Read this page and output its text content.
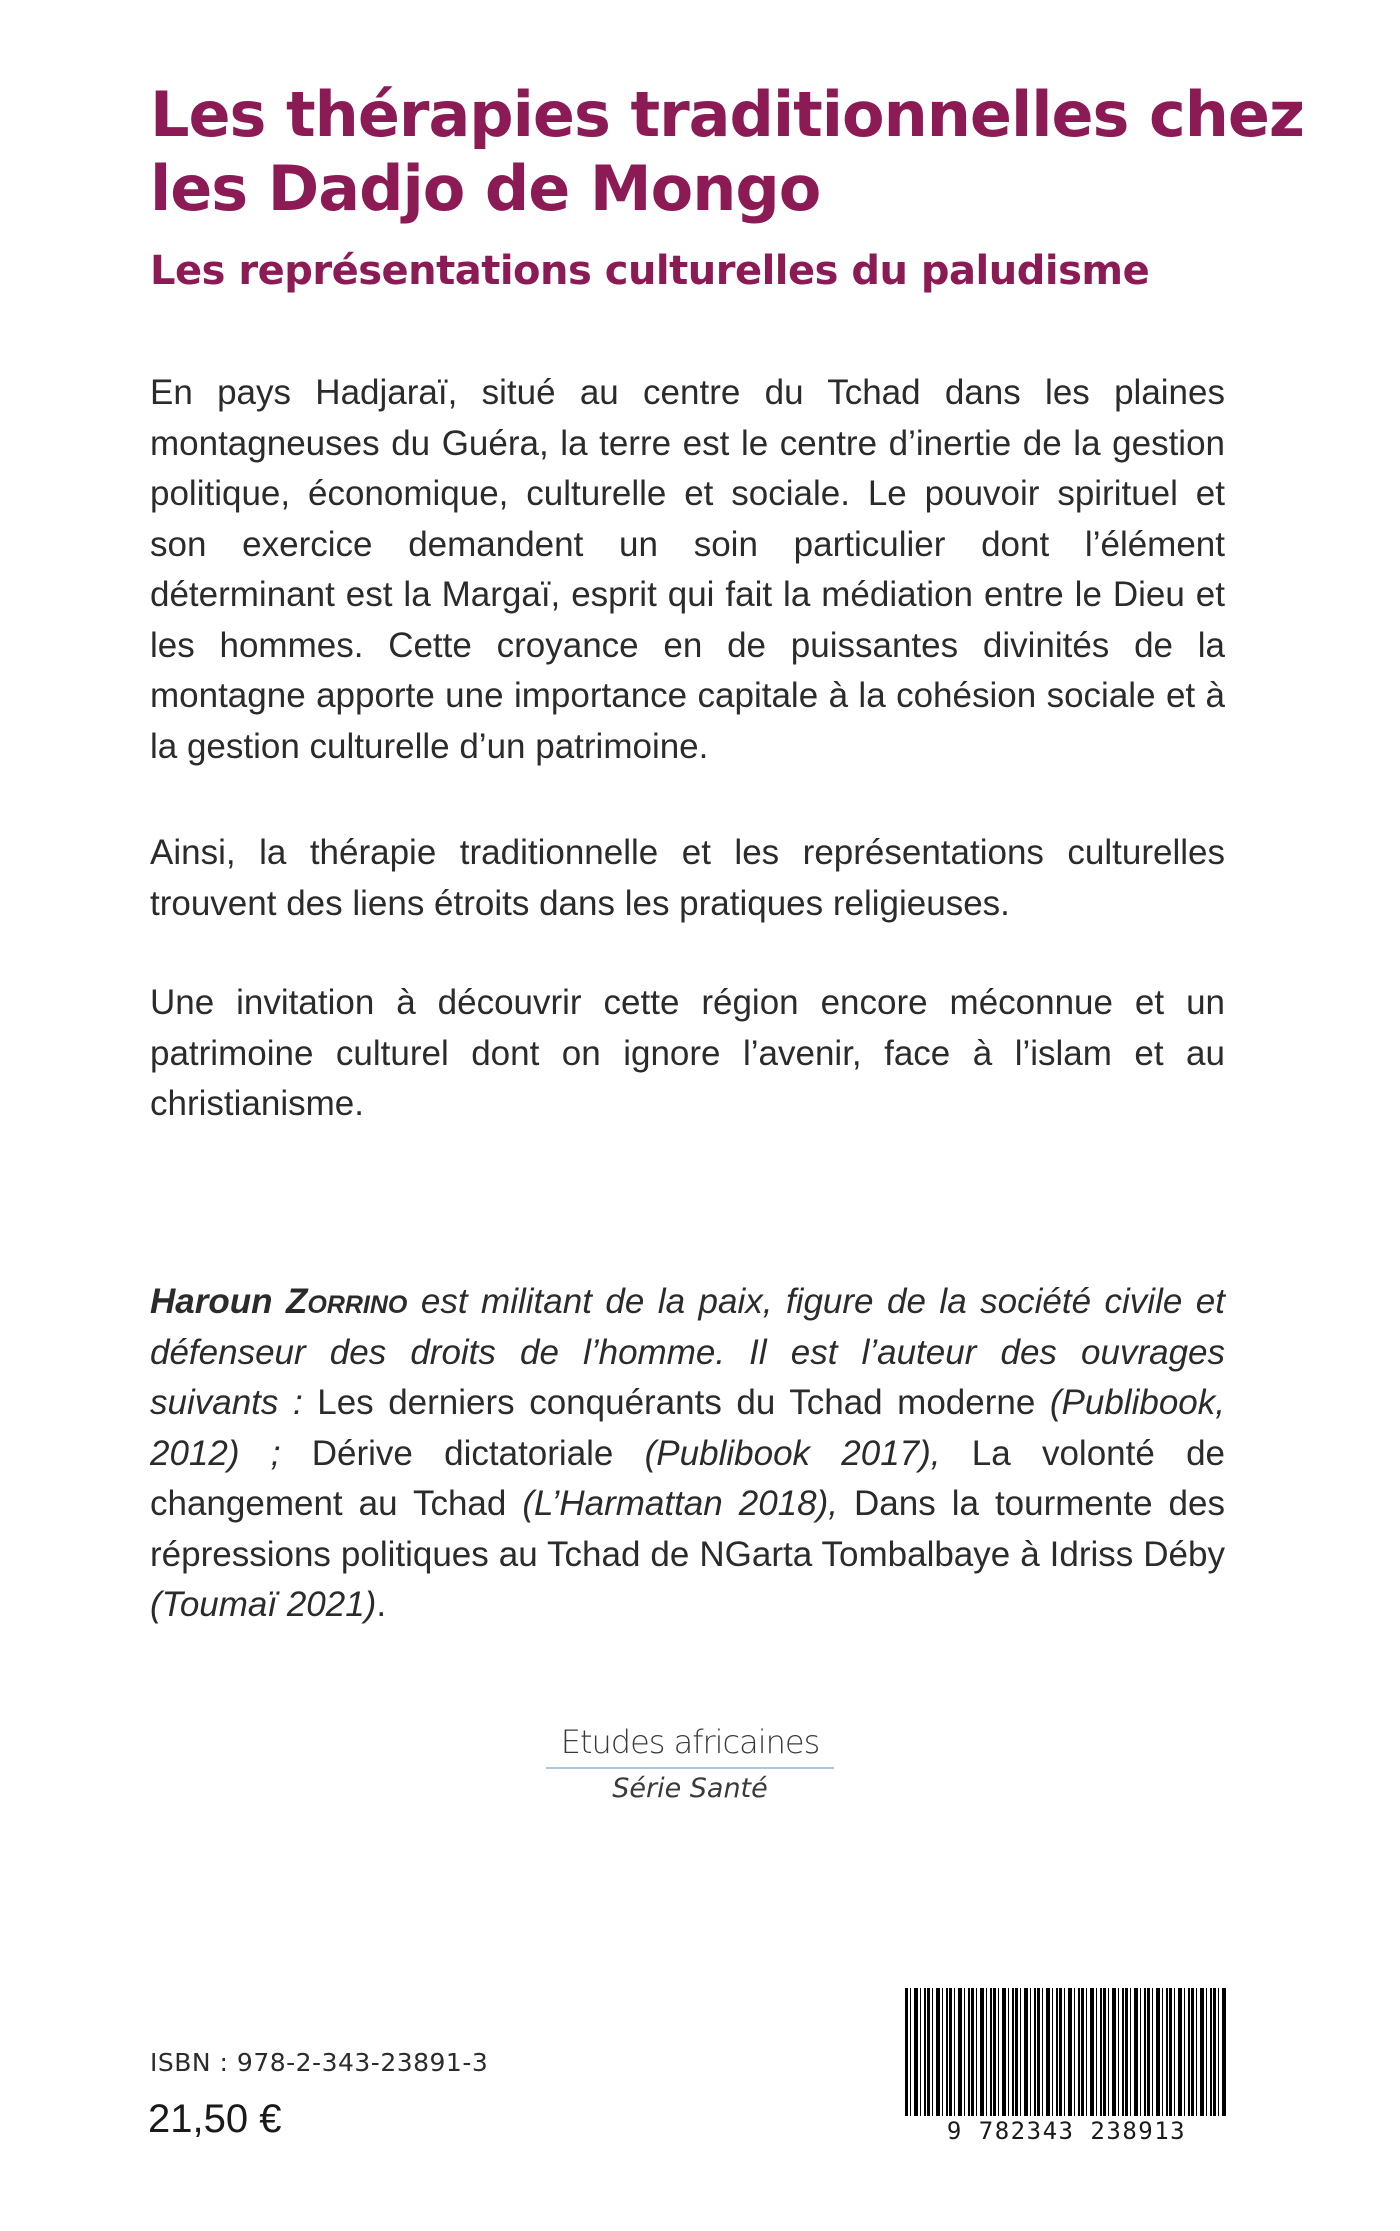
Les thérapies traditionnelles chez les Dadjo de Mongo
Les représentations culturelles du paludisme

En pays Hadjaraï, situé au centre du Tchad dans les plaines montagneuses du Guéra, la terre est le centre d’inertie de la gestion politique, économique, culturelle et sociale. Le pouvoir spirituel et son exercice demandent un soin particulier dont l’élément déterminant est la Margaï, esprit qui fait la médiation entre le Dieu et les hommes. Cette croyance en de puissantes divinités de la montagne apporte une importance capitale à la cohésion sociale et à la gestion culturelle d’un patrimoine.

Ainsi, la thérapie traditionnelle et les représentations culturelles trouvent des liens étroits dans les pratiques religieuses.

Une invitation à découvrir cette région encore méconnue et un patrimoine culturel dont on ignore l’avenir, face à l’islam et au christianisme.

Haroun Zorrino est militant de la paix, figure de la société civile et défenseur des droits de l’homme. Il est l’auteur des ouvrages suivants : Les derniers conquérants du Tchad moderne (Publibook, 2012) ; Dérive dictatoriale (Publibook 2017), La volonté de changement au Tchad (L’Harmattan 2018), Dans la tourmente des répressions politiques au Tchad de NGarta Tombalbaye à Idriss Déby (Toumaï 2021).

Etudes africaines
Série Santé
ISBN : 978-2-343-23891-3
21,50 €	9 782343 238913
